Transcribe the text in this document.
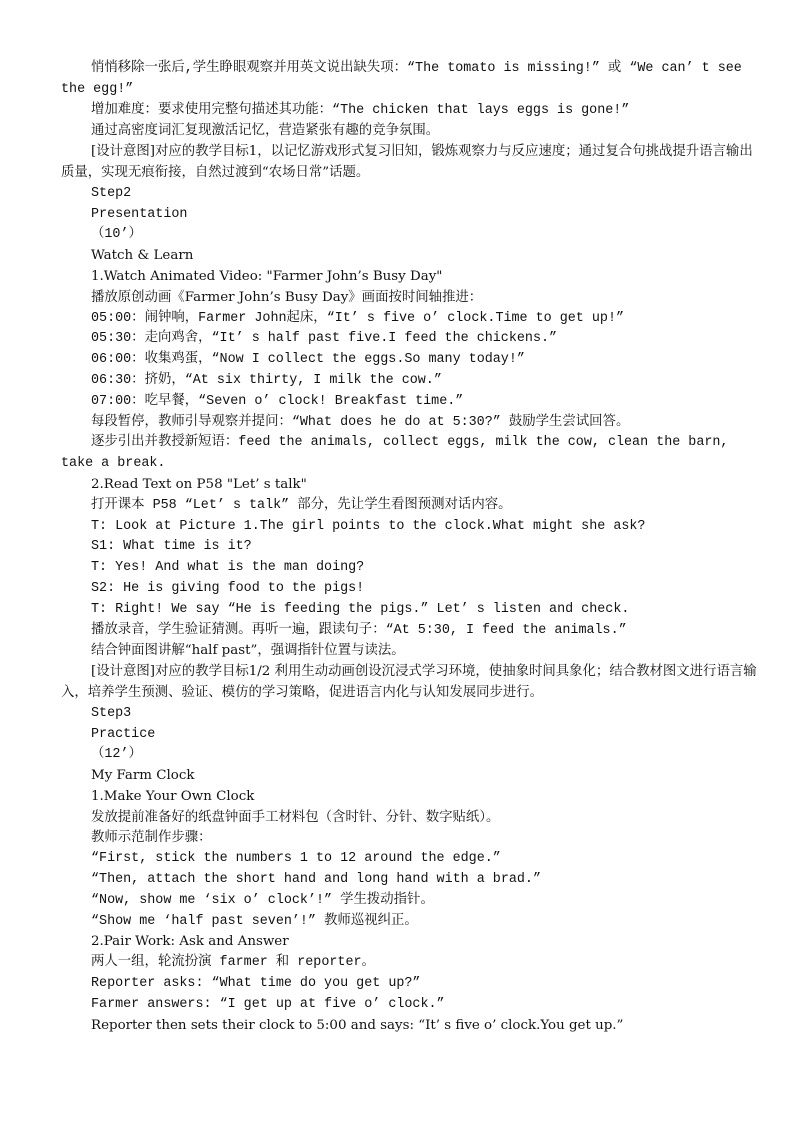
悄悄移除一张后,学生睁眼观察并用英文说出缺失项：“The tomato is missing!” 或 “We can’ t see the egg!”

增加难度：要求使用完整句描述其功能：“The chicken that lays eggs is gone!”

通过高密度词汇复现激活记忆，营造紧张有趣的竞争氛围。

[设计意图]对应的教学目标1，以记忆游戏形式复习旧知，锻炼观察力与反应速度；通过复合句挑战提升语言输出质量，实现无痕衔接，自然过渡到“农场日常”话题。

Step2

Presentation

（10’）

Watch & Learn

1.Watch Animated Video: "Farmer John’s Busy Day"

播放原创动画《Farmer John’s Busy Day》画面按时间轴推进：

05:00：闹钟响，Farmer John起床，“It’ s five o’ clock.Time to get up!”

05:30：走向鸡舍，“It’ s half past five.I feed the chickens.”

06:00：收集鸡蛋，“Now I collect the eggs.So many today!”

06:30：挤奶，“At six thirty, I milk the cow.”

07:00：吃早餐，“Seven o’ clock! Breakfast time.”

每段暂停，教师引导观察并提问：“What does he do at 5:30?” 鼓励学生尝试回答。

逐步引出并教授新短语：feed the animals, collect eggs, milk the cow, clean the barn, take a break.

2.Read Text on P58 "Let’ s talk"

打开课本 P58 “Let’ s talk” 部分，先让学生看图预测对话内容。

T: Look at Picture 1.The girl points to the clock.What might she ask?

S1: What time is it?

T: Yes! And what is the man doing?

S2: He is giving food to the pigs!

T: Right! We say “He is feeding the pigs.” Let’ s listen and check.

播放录音，学生验证猜测。再听一遍，跟读句子：“At 5:30, I feed the animals.”

结合钟面图讲解“half past”，强调指针位置与读法。

[设计意图]对应的教学目标1/2 利用生动动画创设沉浸式学习环境，使抽象时间具象化；结合教材图文进行语言输入，培养学生预测、验证、模仿的学习策略，促进语言内化与认知发展同步进行。

Step3

Practice

（12’）

My Farm Clock

1.Make Your Own Clock

发放提前准备好的纸盘钟面手工材料包（含时针、分针、数字贴纸）。

教师示范制作步骤：

“First, stick the numbers 1 to 12 around the edge.”

“Then, attach the short hand and long hand with a brad.”

“Now, show me ‘six o’ clock’!” 学生拨动指针。

“Show me ‘half past seven’!” 教师巡视纠正。

2.Pair Work: Ask and Answer

两人一组，轮流扮演 farmer 和 reporter。

Reporter asks: “What time do you get up?”

Farmer answers: “I get up at five o’ clock.”

Reporter then sets their clock to 5:00 and says: “It’ s five o’ clock.You get up.”
